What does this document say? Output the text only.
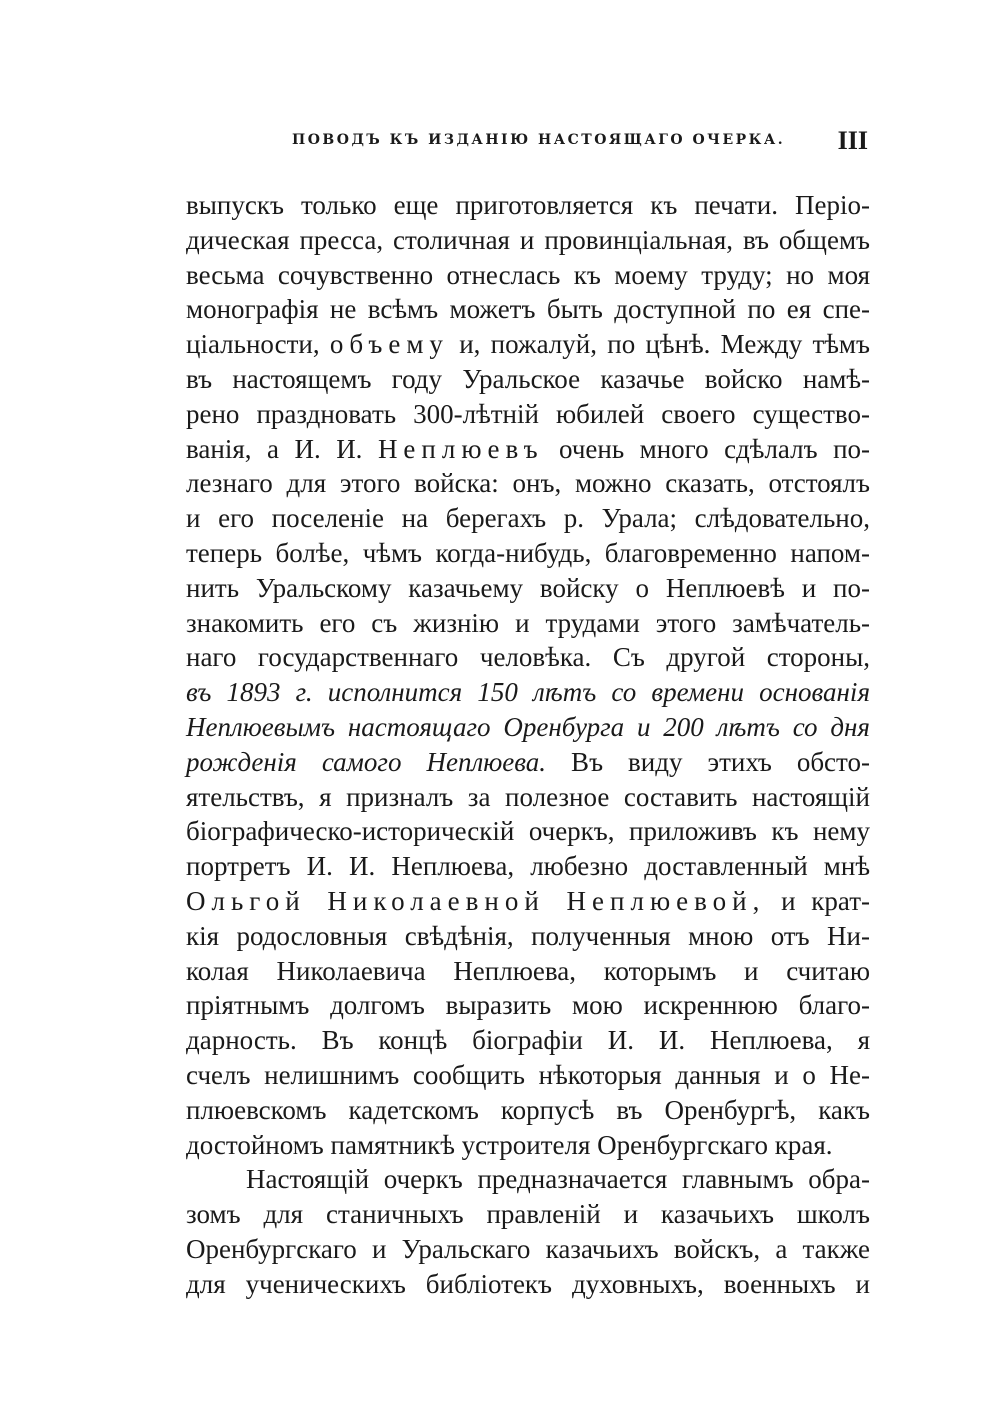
ПОВОДЪ КЪ ИЗДАНІЮ НАСТОЯЩАГО ОЧЕРКА. III
выпускъ только еще приготовляется къ печати. Періо-
дическая пресса, столичная и провинціальная, въ общемъ
весьма сочувственно отнеслась къ моему труду; но моя
монографія не всѣмъ можетъ быть доступной по ея спе-
ціальности, объему и, пожалуй, по цѣнѣ. Между тѣмъ
въ настоящемъ году Уральское казачье войско намѣ-
рено праздновать 300-лѣтній юбилей своего существо-
ванія, а И. И. Неплюевъ очень много сдѣлалъ по-
лезнаго для этого войска: онъ, можно сказать, отстоялъ
и его поселеніе на берегахъ р. Урала; слѣдовательно,
теперь болѣе, чѣмъ когда-нибудь, благовременно напом-
нить Уральскому казачьему войску о Неплюевѣ и по-
знакомить его съ жизнію и трудами этого замѣчатель-
наго государственнаго человѣка. Съ другой стороны,
въ 1893 г. исполнится 150 лѣтъ со времени основанія
Неплюевымъ настоящаго Оренбурга и 200 лѣтъ со дня
рожденія самого Неплюева. Въ виду этихъ обсто-
ятельствъ, я призналъ за полезное составить настоящій
біографическо-историческій очеркъ, приложивъ къ нему
портретъ И. И. Неплюева, любезно доставленный мнѣ
Ольгой Николаевной Неплюевой, и крат-
кія родословныя свѣдѣнія, полученныя мною отъ Ни-
колая Николаевича Неплюева, которымъ и считаю
пріятнымъ долгомъ выразить мою искреннюю благо-
дарность. Въ концѣ біографіи И. И. Неплюева, я
счелъ нелишнимъ сообщить нѣкоторыя данныя и о Не-
плюевскомъ кадетскомъ корпусѣ въ Оренбургѣ, какъ
достойномъ памятникѣ устроителя Оренбургскаго края.
Настоящій очеркъ предназначается главнымъ обра-
зомъ для станичныхъ правленій и казачьихъ школъ
Оренбургскаго и Уральскаго казачьихъ войскъ, а также
для ученическихъ библіотекъ духовныхъ, военныхъ и
